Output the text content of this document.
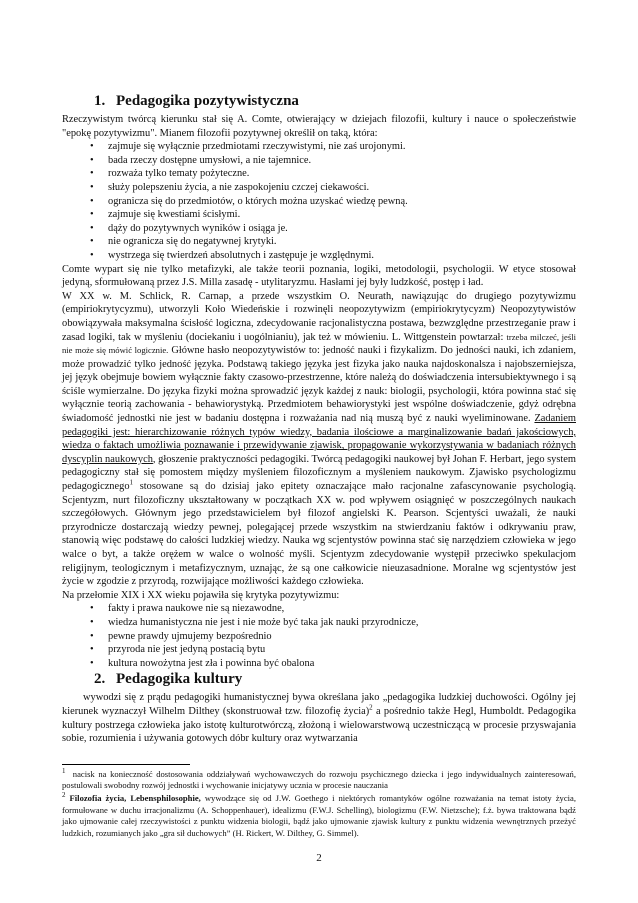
1. Pedagogika pozytywistyczna

Rzeczywistym twórcą kierunku stał się A. Comte, otwierający w dziejach filozofii, kultury i nauce o społeczeństwie "epokę pozytywizmu". Mianem filozofii pozytywnej określił on taką, która:

• zajmuje się wyłącznie przedmiotami rzeczywistymi, nie zaś urojonymi.
• bada rzeczy dostępne umysłowi, a nie tajemnice.
• rozważa tylko tematy pożyteczne.
• służy polepszeniu życia, a nie zaspokojeniu czczej ciekawości.
• ogranicza się do przedmiotów, o których można uzyskać wiedzę pewną.
• zajmuje się kwestiami ścisłymi.
• dąży do pozytywnych wyników i osiąga je.
• nie ogranicza się do negatywnej krytyki.
• wystrzega się twierdzeń absolutnych i zastępuje je względnymi.

Comte wypart się nie tylko metafizyki, ale także teorii poznania, logiki, metodologii, psychologii. W etyce stosował jedyną, sformułowaną przez J.S. Milla zasadę - utylitaryzmu. Hasłami jej były ludzkość, postęp i ład.

W XX w. M. Schlick, R. Carnap, a przede wszystkim O. Neurath, nawiązując do drugiego pozytywizmu (empiriokrytycyzmu), utworzyli Koło Wiedeńskie i rozwinęli neopozytywizm (empiriokrytycyzm) Neopozytywistów obowiązywała maksymalna ścisłość logiczna, zdecydowanie racjonalistyczna postawa, bezwzględne przestrzeganie praw i zasad logiki, tak w myśleniu (dociekaniu i uogólnianiu), jak też w mówieniu. L. Wittgenstein powtarzał: trzeba milczeć, jeśli nie może się mówić logicznie. Główne hasło neopozytywistów to: jedność nauki i fizykalizm. Do jedności nauki, ich zdaniem, może prowadzić tylko jedność języka. Podstawą takiego języka jest fizyka jako nauka najdoskonalsza i najobszerniejsza, jej język obejmuje bowiem wyłącznie fakty czasowo-przestrzenne, które należą do doświadczenia intersubiektywnego i są ściśle wymierzalne. Do języka fizyki można sprowadzić język każdej z nauk: biologii, psychologii, która powinna stać się wyłącznie teorią zachowania - behawiorystyką. Przedmiotem behawiorystyki jest wspólne doświadczenie, gdyż odrębna świadomość jednostki nie jest w badaniu dostępna i rozważania nad nią muszą być z nauki wyeliminowane. Zadaniem pedagogiki jest: hierarchizowanie różnych typów wiedzy, badania ilościowe a marginalizowanie badań jakościowych, wiedza o faktach umożliwia poznawanie i przewidywanie zjawisk, propagowanie wykorzystywania w badaniach różnych dyscyplin naukowych, głoszenie praktyczności pedagogiki. Twórcą pedagogiki naukowej był Johan F. Herbart, jego system pedagogiczny stał się pomostem między myśleniem filozoficznym a myśleniem naukowym. Zjawisko psychologizmu pedagogicznego$^1$ stosowane są do dzisiaj jako epitety oznaczające mało racjonalne zafascynowanie psychologią. Scjentyzm, nurt filozoficzny ukształtowany w początkach XX w. pod wpływem osiągnięć w poszczególnych naukach szczegółowych. Głównym jego przedstawicielem był filozof angielski K. Pearson. Scjentyści uważali, że nauki przyrodnicze dostarczają wiedzy pewnej, polegającej przede wszystkim na stwierdzaniu faktów i odkrywaniu praw, stanowią więc podstawę do całości ludzkiej wiedzy. Nauka wg scjentystów powinna stać się narzędziem człowieka w jego walce o byt, a także orężem w walce o wolność myśli. Scjentyzm zdecydowanie występił przeciwko spekulacjom religijnym, teologicznym i metafizycznym, uznając, że są one całkowicie nieuzasadnione. Moralne wg scjentystów jest życie w zgodzie z przyrodą, rozwijające możliwości każdego człowieka.

Na przełomie XIX i XX wieku pojawiła się krytyka pozytywizmu:

• fakty i prawa naukowe nie są niezawodne,
• wiedza humanistyczna nie jest i nie może być taka jak nauki przyrodnicze,
• pewne prawdy ujmujemy bezpośrednio
• przyroda nie jest jedyną postacią bytu
• kultura nowożytna jest zła i powinna być obalona
2. Pedagogika kultury

wywodzi się z prądu pedagogiki humanistycznej bywa określana jako „pedagogika ludzkiej duchowości. Ogólny jej kierunek wyznaczył Wilhelm Dilthey (skonstruował tzw. filozofię życia)$^2$ a pośrednio także Hegl, Humboldt. Pedagogika kultury postrzega człowieka jako istotę kulturotwórczą, złożoną i wielowarstwową uczestniczącą w procesie przyswajania sobie, rozumienia i używania gotowych dóbr kultury oraz wytwarzania

$^1$ nacisk na konieczność dostosowania oddziaływań wychowawczych do rozwoju psychicznego dziecka i jego indywidualnych zainteresowań, postulowali swobodny rozwój jednostki i wychowanie inicjatywy ucznia w procesie nauczania

$^2$ Filozofia życia, Lebensphilosophie, wywodzące się od J.W. Goethego i niektórych romantyków ogólne rozważania na temat istoty życia, formułowane w duchu irracjonalizmu (A. Schoppenhauer), idealizmu (F.W.J. Schelling), biologizmu (F.W. Nietzsche); f.ż. bywa traktowana bądź jako ujmowanie całej rzeczywistości z punktu widzenia biologii, bądź jako ujmowanie zjawisk kultury z punktu widzenia wewnętrznych przeżyć ludzkich, rozumianych jako „gra sił duchowych” (H. Rickert, W. Dilthey, G. Simmel).

2
